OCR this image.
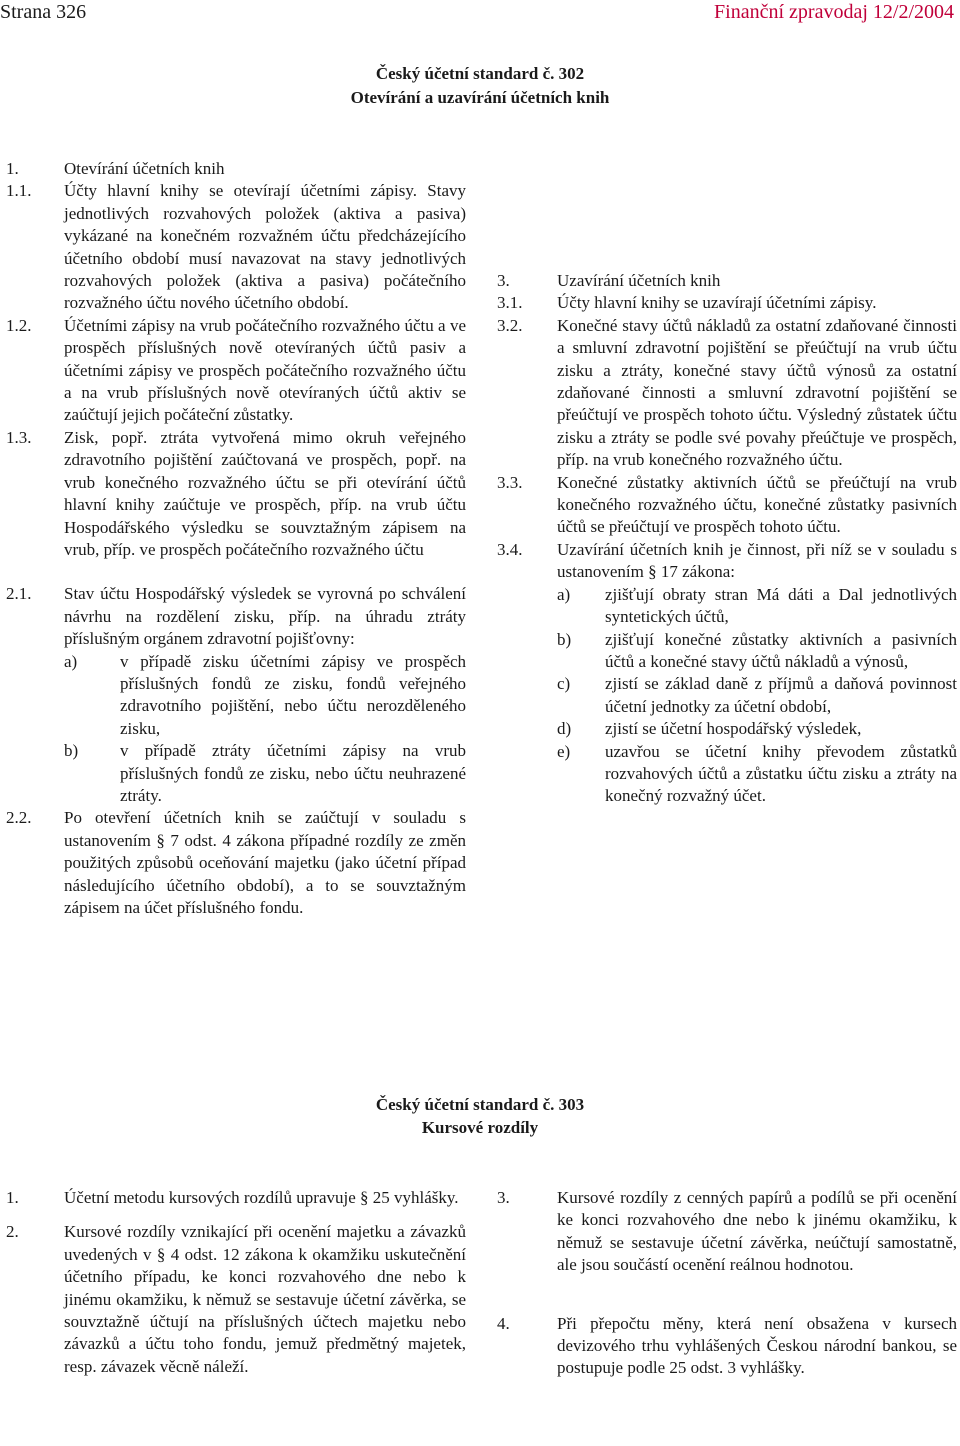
Strana 326	Finanční zpravodaj 12/2/2004
Český účetní standard č. 302
Otevírání a uzavírání účetních knih
1.	Otevírání účetních knih
1.1.	Účty hlavní knihy se otevírají účetními zápisy. Stavy jednotlivých rozvahových položek (aktiva a pasiva) vykázané na konečném rozvažném účtu předcházejícího účetního období musí navazovat na stavy jednotlivých rozvahových položek (aktiva a pasiva) počátečního rozvažného účtu nového účetního období.
1.2.	Účetními zápisy na vrub počátečního rozvažného účtu a ve prospěch příslušných nově otevíraných účtů pasiv a účetními zápisy ve prospěch počátečního rozvažného účtu a na vrub příslušných nově otevíraných účtů aktiv se zaúčtují jejich počáteční zůstatky.
1.3.	Zisk, popř. ztráta vytvořená mimo okruh veřejného zdravotního pojištění zaúčtovaná ve prospěch, popř. na vrub konečného rozvažného účtu se při otevírání účtů hlavní knihy zaúčtuje ve prospěch, příp. na vrub účtu Hospodářského výsledku se souvztažným zápisem na vrub, příp. ve prospěch počátečního rozvažného účtu
2.1.	Stav účtu Hospodářský výsledek se vyrovná po schválení návrhu na rozdělení zisku, příp. na úhradu ztráty příslušným orgánem zdravotní pojišťovny:
a)	v případě zisku účetními zápisy ve prospěch příslušných fondů ze zisku, fondů veřejného zdravotního pojištění, nebo účtu nerozděleného zisku,
b)	v případě ztráty účetními zápisy na vrub příslušných fondů ze zisku, nebo účtu neuhrazené ztráty.
2.2.	Po otevření účetních knih se zaúčtují v souladu s ustanovením § 7 odst. 4 zákona případné rozdíly ze změn použitých způsobů oceňování majetku (jako účetní případ následujícího účetního období), a to se souvztažným zápisem na účet příslušného fondu.
3.	Uzavírání účetních knih
3.1.	Účty hlavní knihy se uzavírají účetními zápisy.
3.2.	Konečné stavy účtů nákladů za ostatní zdaňované činnosti a smluvní zdravotní pojištění se přeúčtují na vrub účtu zisku a ztráty, konečné stavy účtů výnosů za ostatní zdaňované činnosti a smluvní zdravotní pojištění se přeúčtují ve prospěch tohoto účtu. Výsledný zůstatek účtu zisku a ztráty se podle své povahy přeúčtuje ve prospěch, příp. na vrub konečného rozvažného účtu.
3.3.	Konečné zůstatky aktivních účtů se přeúčtují na vrub konečného rozvažného účtu, konečné zůstatky pasivních účtů se přeúčtují ve prospěch tohoto účtu.
3.4.	Uzavírání účetních knih je činnost, při níž se v souladu s ustanovením § 17 zákona:
a)	zjišťují obraty stran Má dáti a Dal jednotlivých syntetických účtů,
b)	zjišťují konečné zůstatky aktivních a pasivních účtů a konečné stavy účtů nákladů a výnosů,
c)	zjistí se základ daně z příjmů a daňová povinnost účetní jednotky za účetní období,
d)	zjistí se účetní hospodářský výsledek,
e)	uzavřou se účetní knihy převodem zůstatků rozvahových účtů a zůstatku účtu zisku a ztráty na konečný rozvažný účet.
Český účetní standard č. 303
Kursové rozdíly
1.	Účetní metodu kursových rozdílů upravuje § 25 vyhlášky.
2.	Kursové rozdíly vznikající při ocenění majetku a závazků uvedených v § 4 odst. 12 zákona k okamžiku uskutečnění účetního případu, ke konci rozvahového dne nebo k jinému okamžiku, k němuž se sestavuje účetní závěrka, se souvztažně účtují na příslušných účtech majetku nebo závazků a účtu toho fondu, jemuž předmětný majetek, resp. závazek věcně náleží.
3.	Kursové rozdíly z cenných papírů a podílů se při ocenění ke konci rozvahového dne nebo k jinému okamžiku, k němuž se sestavuje účetní závěrka, neúčtují samostatně, ale jsou součástí ocenění reálnou hodnotou.
4.	Při přepočtu měny, která není obsažena v kursech devizového trhu vyhlášených Českou národní bankou, se postupuje podle 25 odst. 3 vyhlášky.
